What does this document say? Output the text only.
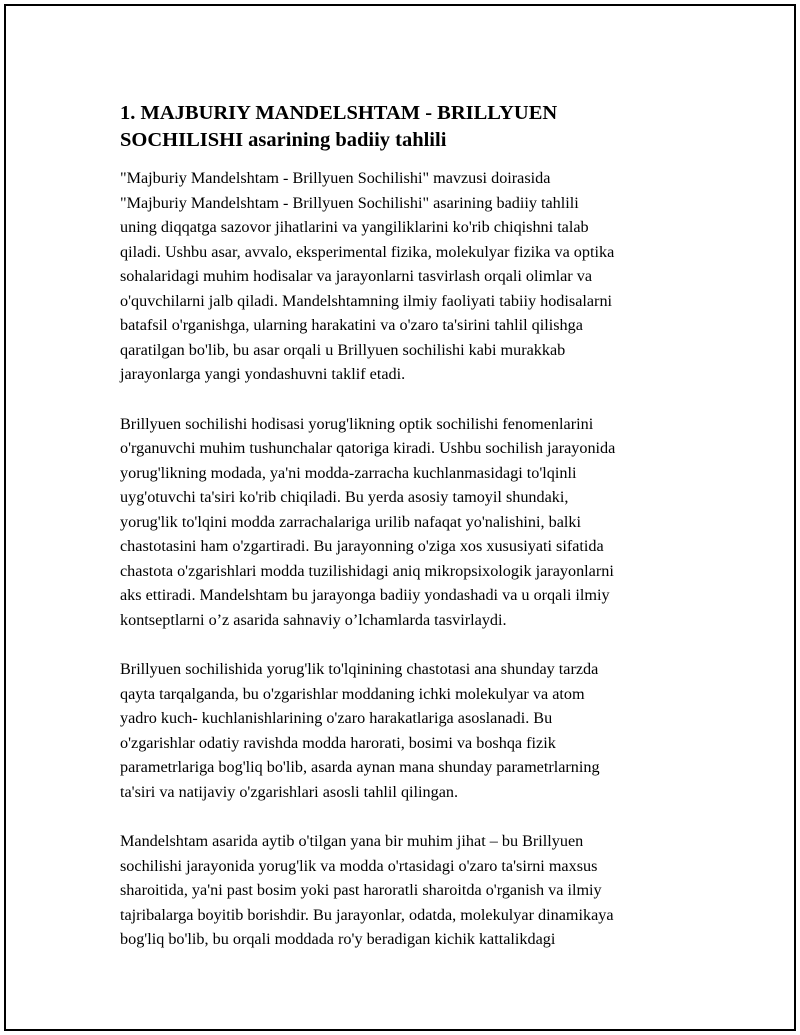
1. MAJBURIY MANDELSHTAM - BRILLYUEN
SOCHILISHI asarining badiiy tahlili

"Majburiy Mandelshtam - Brillyuen Sochilishi" mavzusi doirasida
"Majburiy Mandelshtam - Brillyuen Sochilishi" asarining badiiy tahlili
uning diqqatga sazovor jihatlarini va yangiliklarini ko'rib chiqishni talab
qiladi. Ushbu asar, avvalo, eksperimental fizika, molekulyar fizika va optika
sohalaridagi muhim hodisalar va jarayonlarni tasvirlash orqali olimlar va
o'quvchilarni jalb qiladi. Mandelshtamning ilmiy faoliyati tabiiy hodisalarni
batafsil o'rganishga, ularning harakatini va o'zaro ta'sirini tahlil qilishga
qaratilgan bo'lib, bu asar orqali u Brillyuen sochilishi kabi murakkab
jarayonlarga yangi yondashuvni taklif etadi.

Brillyuen sochilishi hodisasi yorug'likning optik sochilishi fenomenlarini
o'rganuvchi muhim tushunchalar qatoriga kiradi. Ushbu sochilish jarayonida
yorug'likning modada, ya'ni modda-zarracha kuchlanmasidagi to'lqinli
uyg'otuvchi ta'siri ko'rib chiqiladi. Bu yerda asosiy tamoyil shundaki,
yorug'lik to'lqini modda zarrachalariga urilib nafaqat yo'nalishini, balki
chastotasini ham o'zgartiradi. Bu jarayonning o'ziga xos xususiyati sifatida
chastota o'zgarishlari modda tuzilishidagi aniq mikropsixologik jarayonlarni
aks ettiradi. Mandelshtam bu jarayonga badiiy yondashadi va u orqali ilmiy
kontseptlarni o’z asarida sahnaviy o’lchamlarda tasvirlaydi.

Brillyuen sochilishida yorug'lik to'lqinining chastotasi ana shunday tarzda
qayta tarqalganda, bu o'zgarishlar moddaning ichki molekulyar va atom
yadro kuch- kuchlanishlarining o'zaro harakatlariga asoslanadi. Bu
o'zgarishlar odatiy ravishda modda harorati, bosimi va boshqa fizik
parametrlariga bog'liq bo'lib, asarda aynan mana shunday parametrlarning
ta'siri va natijaviy o'zgarishlari asosli tahlil qilingan.

Mandelshtam asarida aytib o'tilgan yana bir muhim jihat – bu Brillyuen
sochilishi jarayonida yorug'lik va modda o'rtasidagi o'zaro ta'sirni maxsus
sharoitida, ya'ni past bosim yoki past haroratli sharoitda o'rganish va ilmiy
tajribalarga boyitib borishdir. Bu jarayonlar, odatda, molekulyar dinamikaya
bog'liq bo'lib, bu orqali moddada ro'y beradigan kichik kattalikdagi
